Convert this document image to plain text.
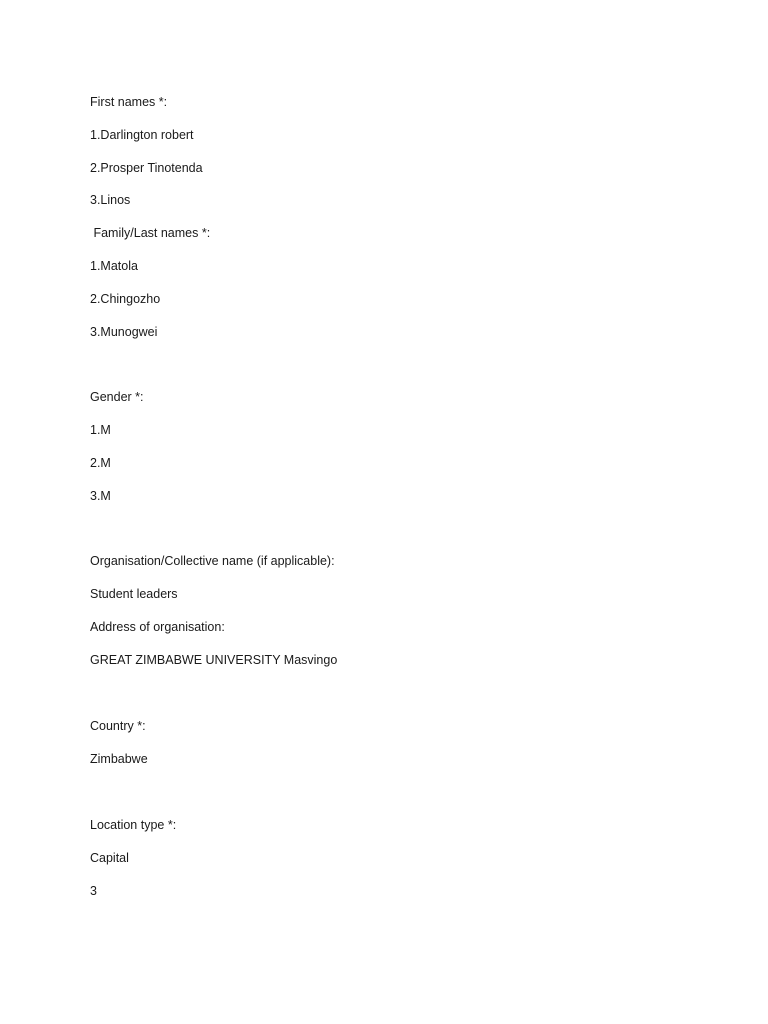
First names *:
1.Darlington robert
2.Prosper Tinotenda
3.Linos
Family/Last names *:
1.Matola
2.Chingozho
3.Munogwei
Gender *:
1.M
2.M
3.M
Organisation/Collective name (if applicable):
Student leaders
Address of organisation:
GREAT ZIMBABWE UNIVERSITY Masvingo
Country *:
Zimbabwe
Location type *:
Capital
3
